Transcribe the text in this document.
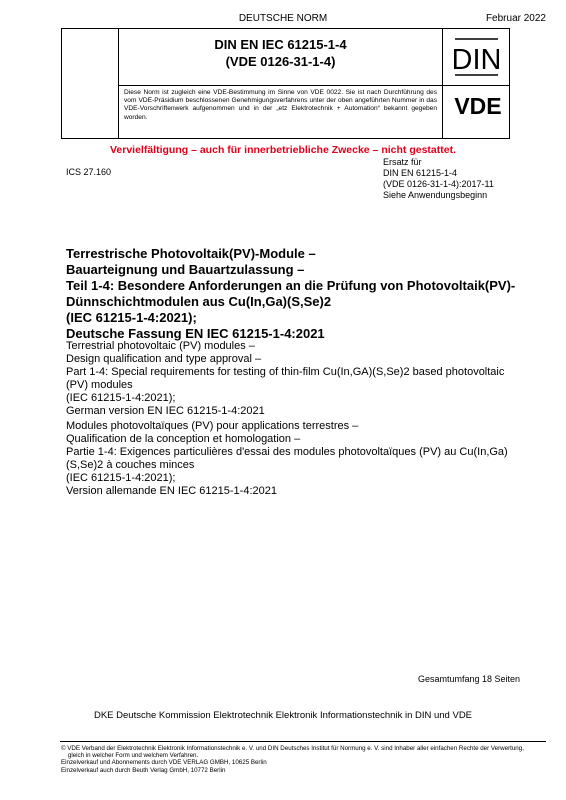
DEUTSCHE NORM	Februar 2022
DIN EN IEC 61215-1-4
(VDE 0126-31-1-4)	DIN
Diese Norm ist zugleich eine VDE-Bestimmung im Sinne von VDE 0022. Sie ist nach Durchführung des vom VDE-Präsidium beschlossenen Genehmigungsverfahrens unter der oben angeführten Nummer in das VDE-Vorschriftenwerk aufgenommen und in der „etz Elektrotechnik + Automation“ bekannt gegeben worden.	VDE
Vervielfältigung – auch für innerbetriebliche Zwecke – nicht gestattet.
ICS 27.160
Ersatz für
DIN EN 61215-1-4
(VDE 0126-31-1-4):2017-11
Siehe Anwendungsbeginn
Terrestrische Photovoltaik(PV)-Module –
Bauarteignung und Bauartzulassung –
Teil 1-4: Besondere Anforderungen an die Prüfung von Photovoltaik(PV)-
Dünnschichtmodulen aus Cu(In,Ga)(S,Se)2
(IEC 61215-1-4:2021);
Deutsche Fassung EN IEC 61215-1-4:2021
Terrestrial photovoltaic (PV) modules –
Design qualification and type approval –
Part 1-4: Special requirements for testing of thin-film Cu(In,GA)(S,Se)2 based photovoltaic
(PV) modules
(IEC 61215-1-4:2021);
German version EN IEC 61215-1-4:2021
Modules photovoltaïques (PV) pour applications terrestres –
Qualification de la conception et homologation –
Partie 1-4: Exigences particulières d'essai des modules photovoltaïques (PV) au Cu(In,Ga)
(S,Se)2 à couches minces
(IEC 61215-1-4:2021);
Version allemande EN IEC 61215-1-4:2021
Gesamtumfang 18 Seiten
DKE Deutsche Kommission Elektrotechnik Elektronik Informationstechnik in DIN und VDE
© VDE Verband der Elektrotechnik Elektronik Informationstechnik e. V. und DIN Deutsches Institut für Normung e. V. sind Inhaber aller einfachen Rechte der Verwertung,
gleich in welcher Form und welchem Verfahren.
Einzelverkauf und Abonnements durch VDE VERLAG GMBH, 10625 Berlin
Einzelverkauf auch durch Beuth Verlag GmbH, 10772 Berlin
